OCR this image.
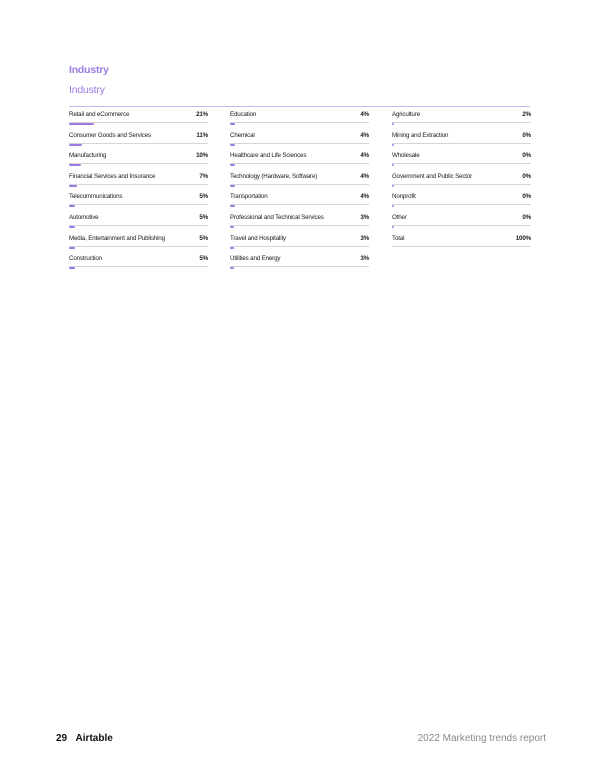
Industry
Industry
Retail and eCommerce	21%
Consumer Goods and Services	11%
Manufacturing	10%
Financial Services and Insurance	7%
Telecommunications	5%
Automotive	5%
Media, Entertainment and Publishing	5%
Construction	5%
Education	4%
Chemical	4%
Healthcare and Life Sciences	4%
Technology (Hardware, Software)	4%
Transportation	4%
Professional and Technical Services	3%
Travel and Hospitality	3%
Utilities and Energy	3%
Agriculture	2%
Mining and Extraction	0%
Wholesale	0%
Government and Public Sector	0%
Nonprofit	0%
Other	0%
Total	100%
29 Airtable	2022 Marketing trends report
